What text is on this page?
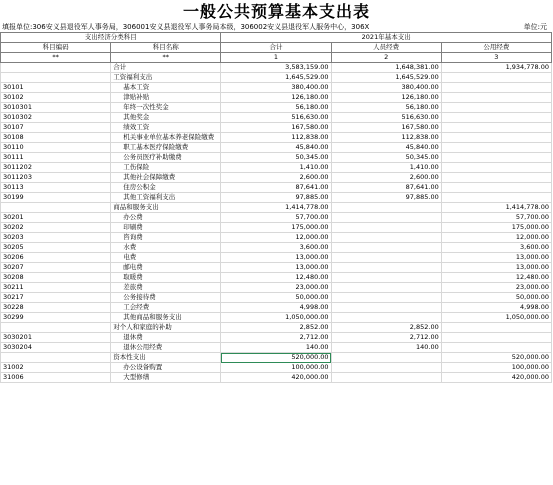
一般公共预算基本支出表
填报单位:306安义县退役军人事务局，306001安义县退役军人事务局本级，306002安义县退役军人服务中心，306X	单位:元
支出经济分类科目		2021年基本支出		
科目编码	科目名称	合计	人员经费	公用经费
**	**	1	2	3
	合计	3,583,159.00	1,648,381.00	1,934,778.00
	工资福利支出	1,645,529.00	1,645,529.00	
30101	基本工资	380,400.00	380,400.00	
30102	津贴补贴	126,180.00	126,180.00	
3010301	年终一次性奖金	56,180.00	56,180.00	
3010302	其他奖金	516,630.00	516,630.00	
30107	绩效工资	167,580.00	167,580.00	
30108	机关事业单位基本养老保险缴费	112,838.00	112,838.00	
30110	职工基本医疗保险缴费	45,840.00	45,840.00	
30111	公务员医疗补助缴费	50,345.00	50,345.00	
3011202	工伤保险	1,410.00	1,410.00	
3011203	其他社会保障缴费	2,600.00	2,600.00	
30113	住房公积金	87,641.00	87,641.00	
30199	其他工资福利支出	97,885.00	97,885.00	
	商品和服务支出	1,414,778.00		1,414,778.00
30201	办公费	57,700.00		57,700.00
30202	印刷费	175,000.00		175,000.00
30203	咨询费	12,000.00		12,000.00
30205	水费	3,600.00		3,600.00
30206	电费	13,000.00		13,000.00
30207	邮电费	13,000.00		13,000.00
30208	取暖费	12,480.00		12,480.00
30211	差旅费	23,000.00		23,000.00
30217	公务接待费	50,000.00		50,000.00
30228	工会经费	4,998.00		4,998.00
30299	其他商品和服务支出	1,050,000.00		1,050,000.00
	对个人和家庭的补助	2,852.00	2,852.00	
3030201	退休费	2,712.00	2,712.00	
3030204	退休公用经费	140.00	140.00	
	资本性支出	520,000.00		520,000.00
31002	办公设备购置	100,000.00		100,000.00
31006	大型修缮	420,000.00		420,000.00
